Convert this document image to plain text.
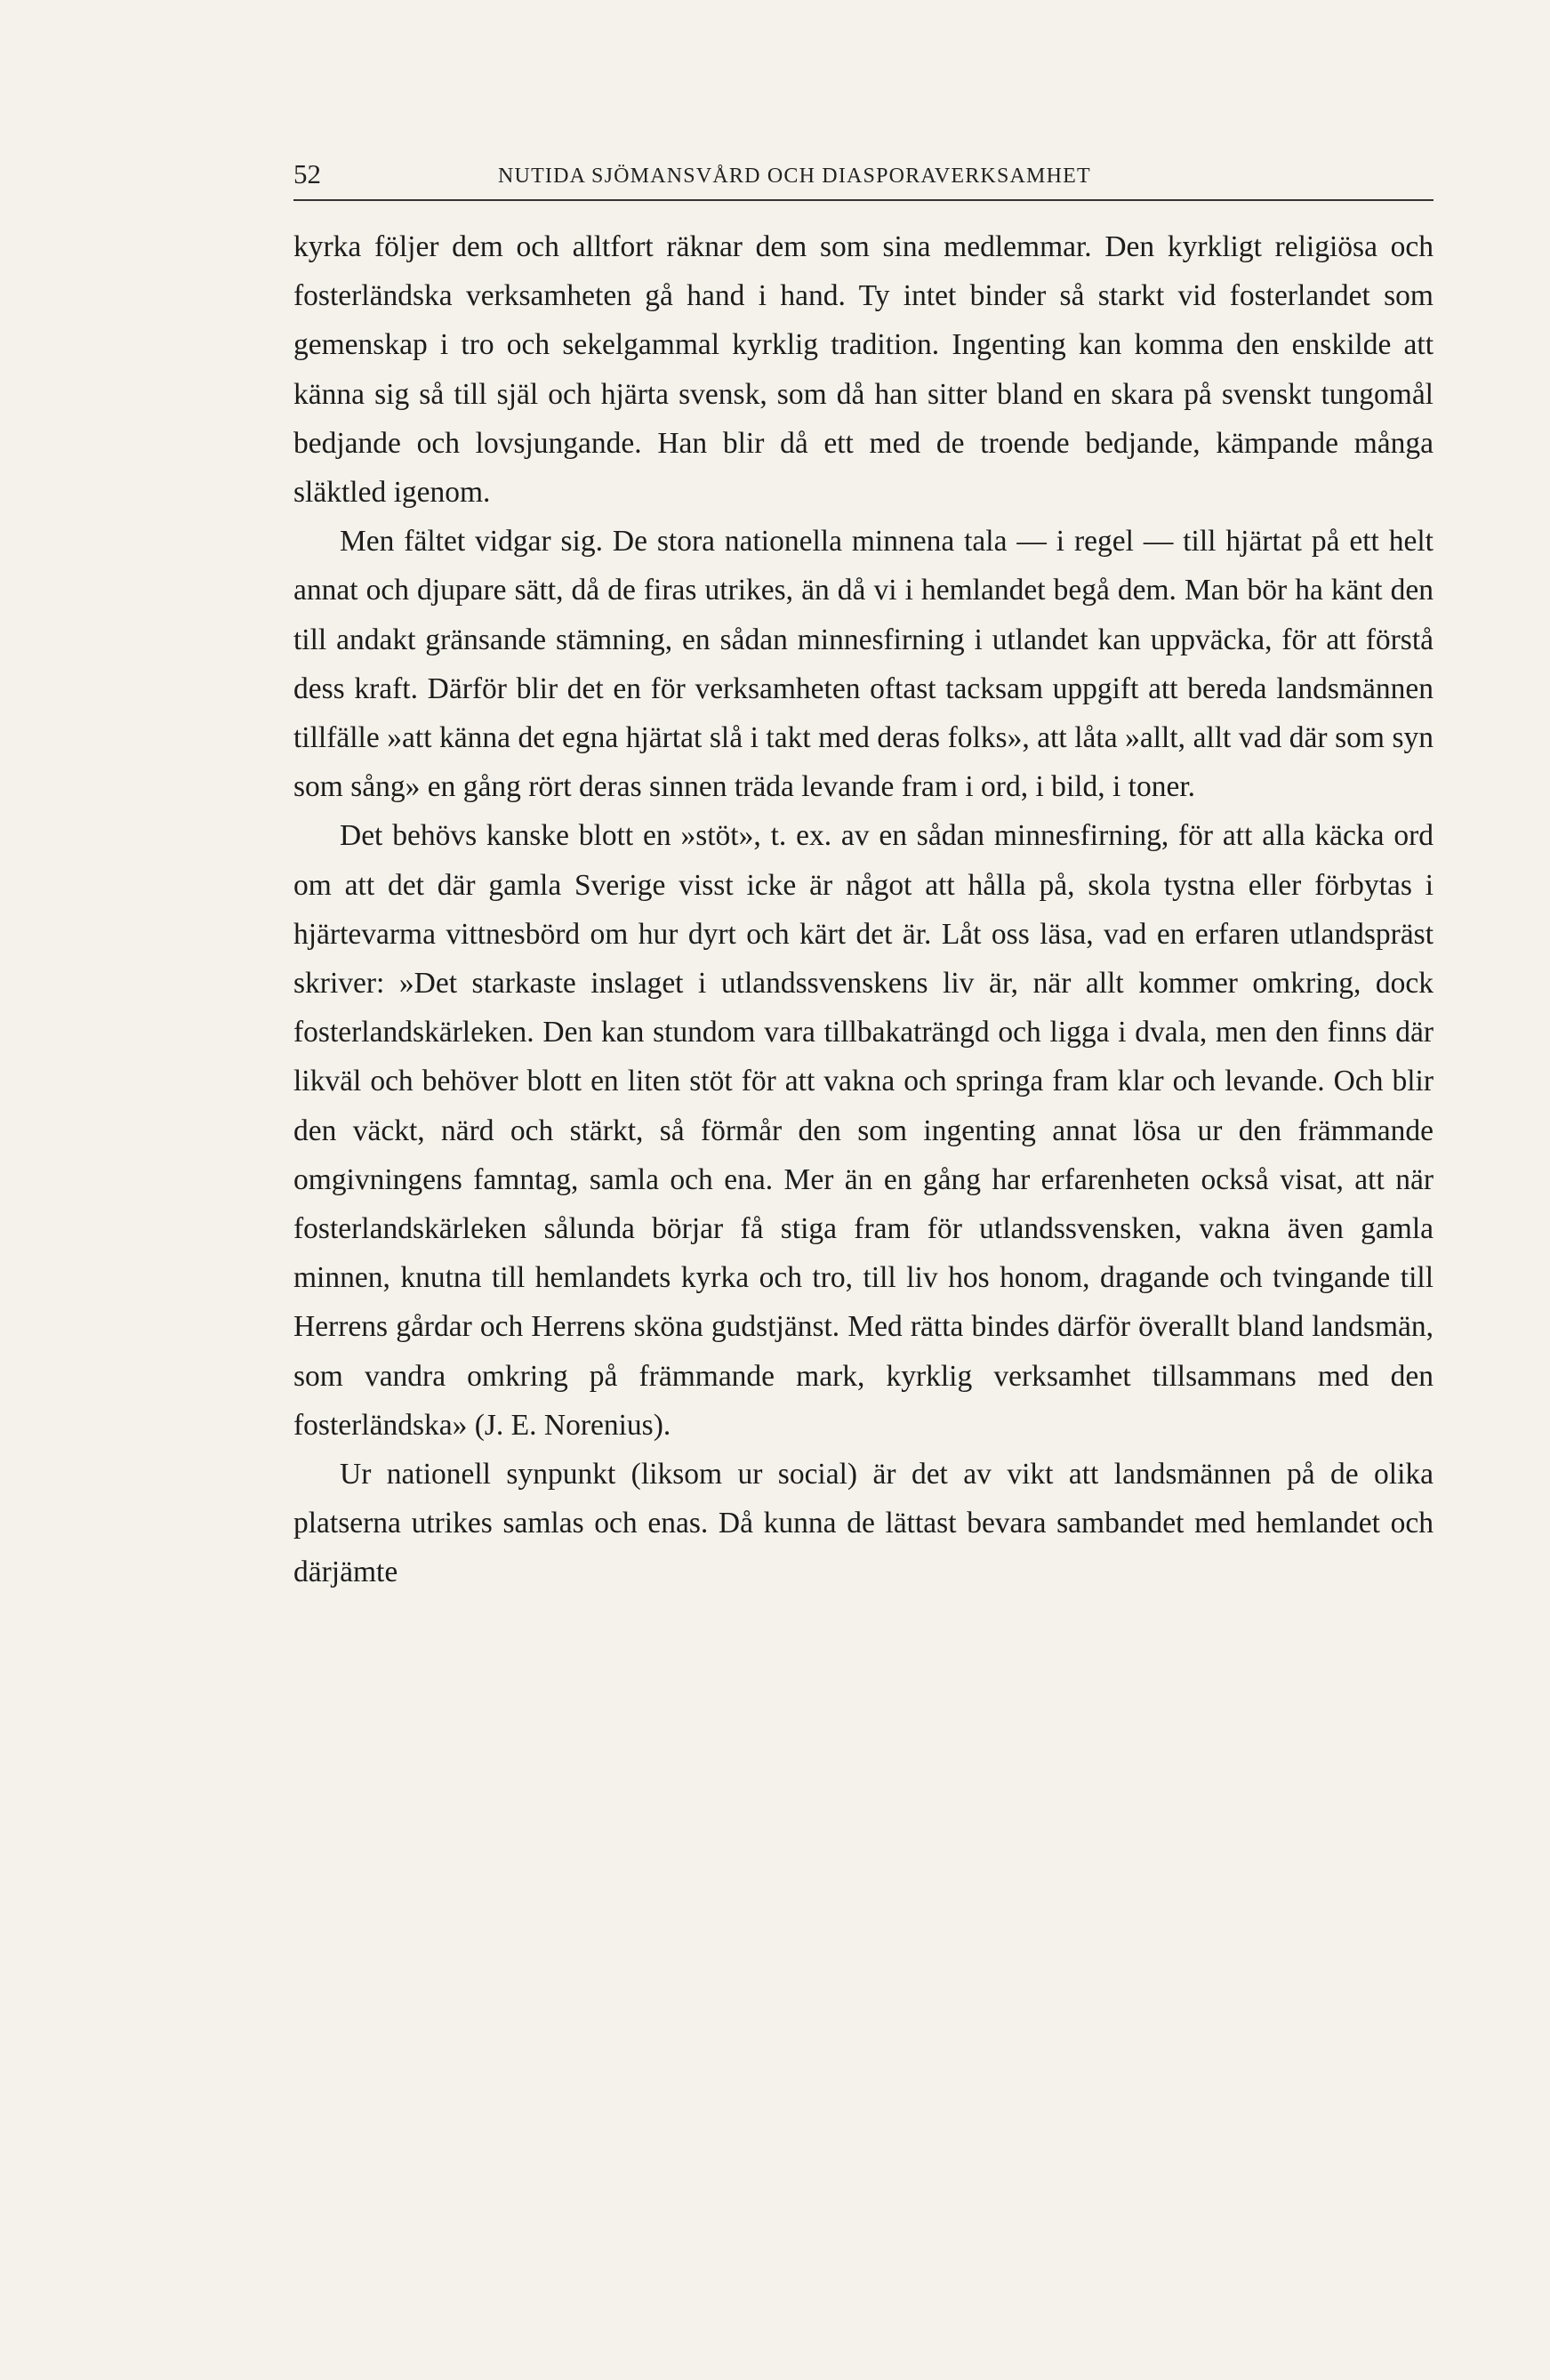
52	NUTIDA SJÖMANSVÅRD OCH DIASPORAVERKSAMHET

kyrka följer dem och alltfort räknar dem som sina medlemmar. Den kyrkligt religiösa och fosterländska verksamheten gå hand i hand. Ty intet binder så starkt vid fosterlandet som gemenskap i tro och sekelgammal kyrklig tradition. Ingenting kan komma den enskilde att känna sig så till själ och hjärta svensk, som då han sitter bland en skara på svenskt tungomål bedjande och lovsjungande. Han blir då ett med de troende bedjande, kämpande många släktled igenom.

Men fältet vidgar sig. De stora nationella minnena tala — i regel — till hjärtat på ett helt annat och djupare sätt, då de firas utrikes, än då vi i hemlandet begå dem. Man bör ha känt den till andakt gränsande stämning, en sådan minnesfirning i utlandet kan uppväcka, för att förstå dess kraft. Därför blir det en för verksamheten oftast tacksam uppgift att bereda landsmännen tillfälle »att känna det egna hjärtat slå i takt med deras folks», att låta »allt, allt vad där som syn som sång» en gång rört deras sinnen träda levande fram i ord, i bild, i toner.

Det behövs kanske blott en »stöt», t. ex. av en sådan minnesfirning, för att alla käcka ord om att det där gamla Sverige visst icke är något att hålla på, skola tystna eller förbytas i hjärtevarma vittnesbörd om hur dyrt och kärt det är. Låt oss läsa, vad en erfaren utlandspräst skriver: »Det starkaste inslaget i utlandssvenskens liv är, när allt kommer omkring, dock fosterlandskärleken. Den kan stundom vara tillbakaträngd och ligga i dvala, men den finns där likväl och behöver blott en liten stöt för att vakna och springa fram klar och levande. Och blir den väckt, närd och stärkt, så förmår den som ingenting annat lösa ur den främmande omgivningens famntag, samla och ena. Mer än en gång har erfarenheten också visat, att när fosterlandskärleken sålunda börjar få stiga fram för utlandssvensken, vakna även gamla minnen, knutna till hemlandets kyrka och tro, till liv hos honom, dragande och tvingande till Herrens gårdar och Herrens sköna gudstjänst. Med rätta bindes därför överallt bland landsmän, som vandra omkring på främmande mark, kyrklig verksamhet tillsammans med den fosterländska» (J. E. Norenius).

Ur nationell synpunkt (liksom ur social) är det av vikt att landsmännen på de olika platserna utrikes samlas och enas. Då kunna de lättast bevara sambandet med hemlandet och därjämte
